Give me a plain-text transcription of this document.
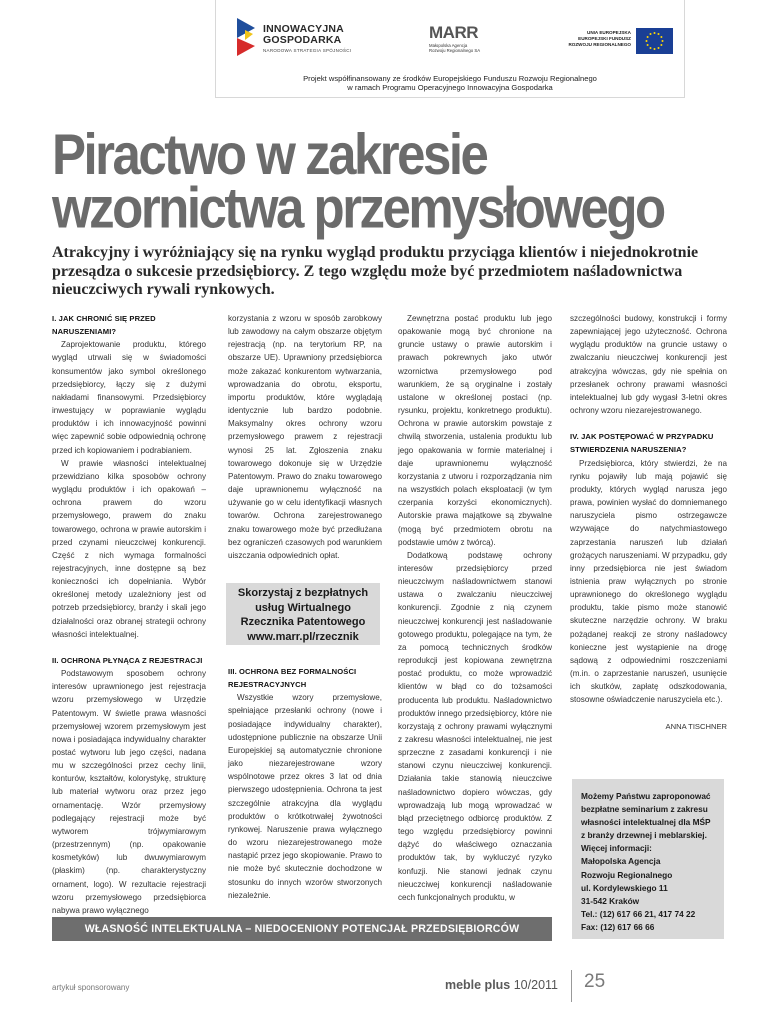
INNOWACYJNA
GOSPODARKA
NARODOWA STRATEGIA SPÓJNOŚCI
MARR
Małopolska Agencja
Rozwoju Regionalnego SA
UNIA EUROPEJSKA
EUROPEJSKI FUNDUSZ
ROZWOJU REGIONALNEGO
Projekt współfinansowany ze środków Europejskiego Funduszu Rozwoju Regionalnego
w ramach Programu Operacyjnego Innowacyjna Gospodarka
Piractwo w zakresie
wzornictwa przemysłowego
Atrakcyjny i wyróżniający się na rynku wygląd produktu przyciąga klientów i niejednokrotnie przesądza o sukcesie przedsiębiorcy. Z tego względu może być przedmiotem naśladownictwa nieuczciwych rywali rynkowych.
I. JAK CHRONIĆ SIĘ PRZED NARUSZENIAMI?

Zaprojektowanie produktu, którego wygląd utrwali się w świadomości konsumentów jako symbol określonego przedsiębiorcy, łączy się z dużymi nakładami finansowymi. Przedsiębiorcy inwestujący w poprawianie wyglądu produktów i ich innowacyjność powinni więc zapewnić sobie odpowiednią ochronę przed ich kopiowaniem i podrabianiem.

W prawie własności intelektualnej przewidziano kilka sposobów ochrony wyglądu produktów i ich opakowań – ochrona prawem do wzoru przemysłowego, prawem do znaku towarowego, ochrona w prawie autorskim i przed czynami nieuczciwej konkurencji. Część z nich wymaga formalności rejestracyjnych, inne dostępne są bez konieczności ich dopełniania. Wybór określonej metody uzależniony jest od potrzeb przedsiębiorcy, branży i skali jego działalności oraz obranej strategii ochrony własności intelektualnej.

II. OCHRONA PŁYNĄCA Z REJESTRACJI

Podstawowym sposobem ochrony interesów uprawnionego jest rejestracja wzoru przemysłowego w Urzędzie Patentowym. W świetle prawa własności przemysłowej wzorem przemysłowym jest nowa i posiadająca indywidualny charakter postać wytworu lub jego części, nadana mu w szczególności przez cechy linii, konturów, kształtów, kolorystykę, strukturę lub materiał wytworu oraz przez jego ornamentację. Wzór przemysłowy podlegający rejestracji może być wytworem trójwymiarowym (przestrzennym) (np. opakowanie kosmetyków) lub dwuwymiarowym (płaskim) (np. charakterystyczny ornament, logo). W rezultacie rejestracji wzoru przemysłowego przedsiębiorca nabywa prawo wyłącznego

korzystania z wzoru w sposób zarobkowy lub zawodowy na całym obszarze objętym rejestracją (np. na terytorium RP, na obszarze UE). Uprawniony przedsiębiorca może zakazać konkurentom wytwarzania, wprowadzania do obrotu, eksportu, importu produktów, które wyglądają identycznie lub bardzo podobnie. Maksymalny okres ochrony wzoru przemysłowego prawem z rejestracji wynosi 25 lat. Zgłoszenia znaku towarowego dokonuje się w Urzędzie Patentowym. Prawo do znaku towarowego daje uprawnionemu wyłączność na używanie go w celu identyfikacji własnych towarów. Ochrona zarejestrowanego znaku towarowego może być przedłużana bez ograniczeń czasowych pod warunkiem uiszczania odpowiednich opłat.

Skorzystaj z bezpłatnych
usług Wirtualnego
Rzecznika Patentowego
www.marr.pl/rzecznik
III. OCHRONA BEZ FORMALNOŚCI REJESTRACYJNYCH

Wszystkie wzory przemysłowe, spełniające przesłanki ochrony (nowe i posiadające indywidualny charakter), udostępnione publicznie na obszarze Unii Europejskiej są automatycznie chronione jako niezarejestrowane wzory wspólnotowe przez okres 3 lat od dnia pierwszego udostępnienia. Ochrona ta jest szczególnie atrakcyjna dla wyglądu produktów o krótkotrwałej żywotności rynkowej. Naruszenie prawa wyłącznego do wzoru niezarejestrowanego może nastąpić przez jego skopiowanie. Prawo to nie może być skutecznie dochodzone w stosunku do innych wzorów stworzonych niezależnie.

Zewnętrzna postać produktu lub jego opakowanie mogą być chronione na gruncie ustawy o prawie autorskim i prawach pokrewnych jako utwór wzornictwa przemysłowego pod warunkiem, że są oryginalne i zostały ustalone w określonej postaci (np. rysunku, projektu, konkretnego produktu). Ochrona w prawie autorskim powstaje z chwilą stworzenia, ustalenia produktu lub jego opakowania w formie materialnej i daje uprawnionemu wyłączność korzystania z utworu i rozporządzania nim na wszystkich polach eksploatacji (w tym czerpania korzyści ekonomicznych). Autorskie prawa majątkowe są zbywalne (mogą być przedmiotem obrotu na podstawie umów z twórcą).

Dodatkową podstawę ochrony interesów przedsiębiorcy przed nieuczciwym naśladownictwem stanowi ustawa o zwalczaniu nieuczciwej konkurencji. Zgodnie z nią czynem nieuczciwej konkurencji jest naśladowanie gotowego produktu, polegające na tym, że za pomocą technicznych środków reprodukcji jest kopiowana zewnętrzna postać produktu, co może wprowadzić klientów w błąd co do tożsamości producenta lub produktu. Naśladownictwo produktów innego przedsiębiorcy, które nie korzystają z ochrony prawami wyłącznymi z zakresu własności intelektualnej, nie jest sprzeczne z zasadami konkurencji i nie stanowi czynu nieuczciwej konkurencji. Działania takie stanowią nieuczciwe naśladownictwo dopiero wówczas, gdy wprowadzają lub mogą wprowadzać w błąd przeciętnego odbiorcę produktów. Z tego względu przedsiębiorcy powinni dążyć do właściwego oznaczania produktów tak, by wykluczyć ryzyko konfuzji. Nie stanowi jednak czynu nieuczciwej konkurencji naśladowanie cech funkcjonalnych produktu, w

szczególności budowy, konstrukcji i formy zapewniającej jego użyteczność. Ochrona wyglądu produktów na gruncie ustawy o zwalczaniu nieuczciwej konkurencji jest atrakcyjna wówczas, gdy nie spełnia on przesłanek ochrony prawami własności intelektualnej lub gdy wygasł 3-letni okres ochrony wzoru niezarejestrowanego.

IV. JAK POSTĘPOWAĆ W PRZYPADKU STWIERDZENIA NARUSZENIA?

Przedsiębiorca, który stwierdzi, że na rynku pojawiły lub mają pojawić się produkty, których wygląd narusza jego prawa, powinien wysłać do domniemanego naruszyciela pismo ostrzegawcze wzywające do natychmiastowego zaprzestania naruszeń lub działań grożących naruszeniami. W przypadku, gdy inny przedsiębiorca nie jest świadom istnienia praw wyłącznych po stronie uprawnionego do określonego wyglądu produktu, takie pismo może stanowić skuteczne narzędzie ochrony. W braku pożądanej reakcji ze strony naśladowcy konieczne jest wystąpienie na drogę sądową z odpowiednimi roszczeniami (m.in. o zaprzestanie naruszeń, usunięcie ich skutków, zapłatę odszkodowania, stosowne oświadczenie naruszyciela etc.).

ANNA TISCHNER

Możemy Państwu zaproponować
bezpłatne seminarium z zakresu
własności intelektualnej dla MŚP
z branży drzewnej i meblarskiej.
Więcej informacji:
Małopolska Agencja
Rozwoju Regionalnego
ul. Kordylewskiego 11
31-542 Kraków
Tel.: (12) 617 66 21, 417 74 22
Fax: (12) 617 66 66
WŁASNOŚĆ INTELEKTUALNA – NIEDOCENIONY POTENCJAŁ PRZEDSIĘBIORCÓW
artykuł sponsorowany	meble plus 10/2011 25
